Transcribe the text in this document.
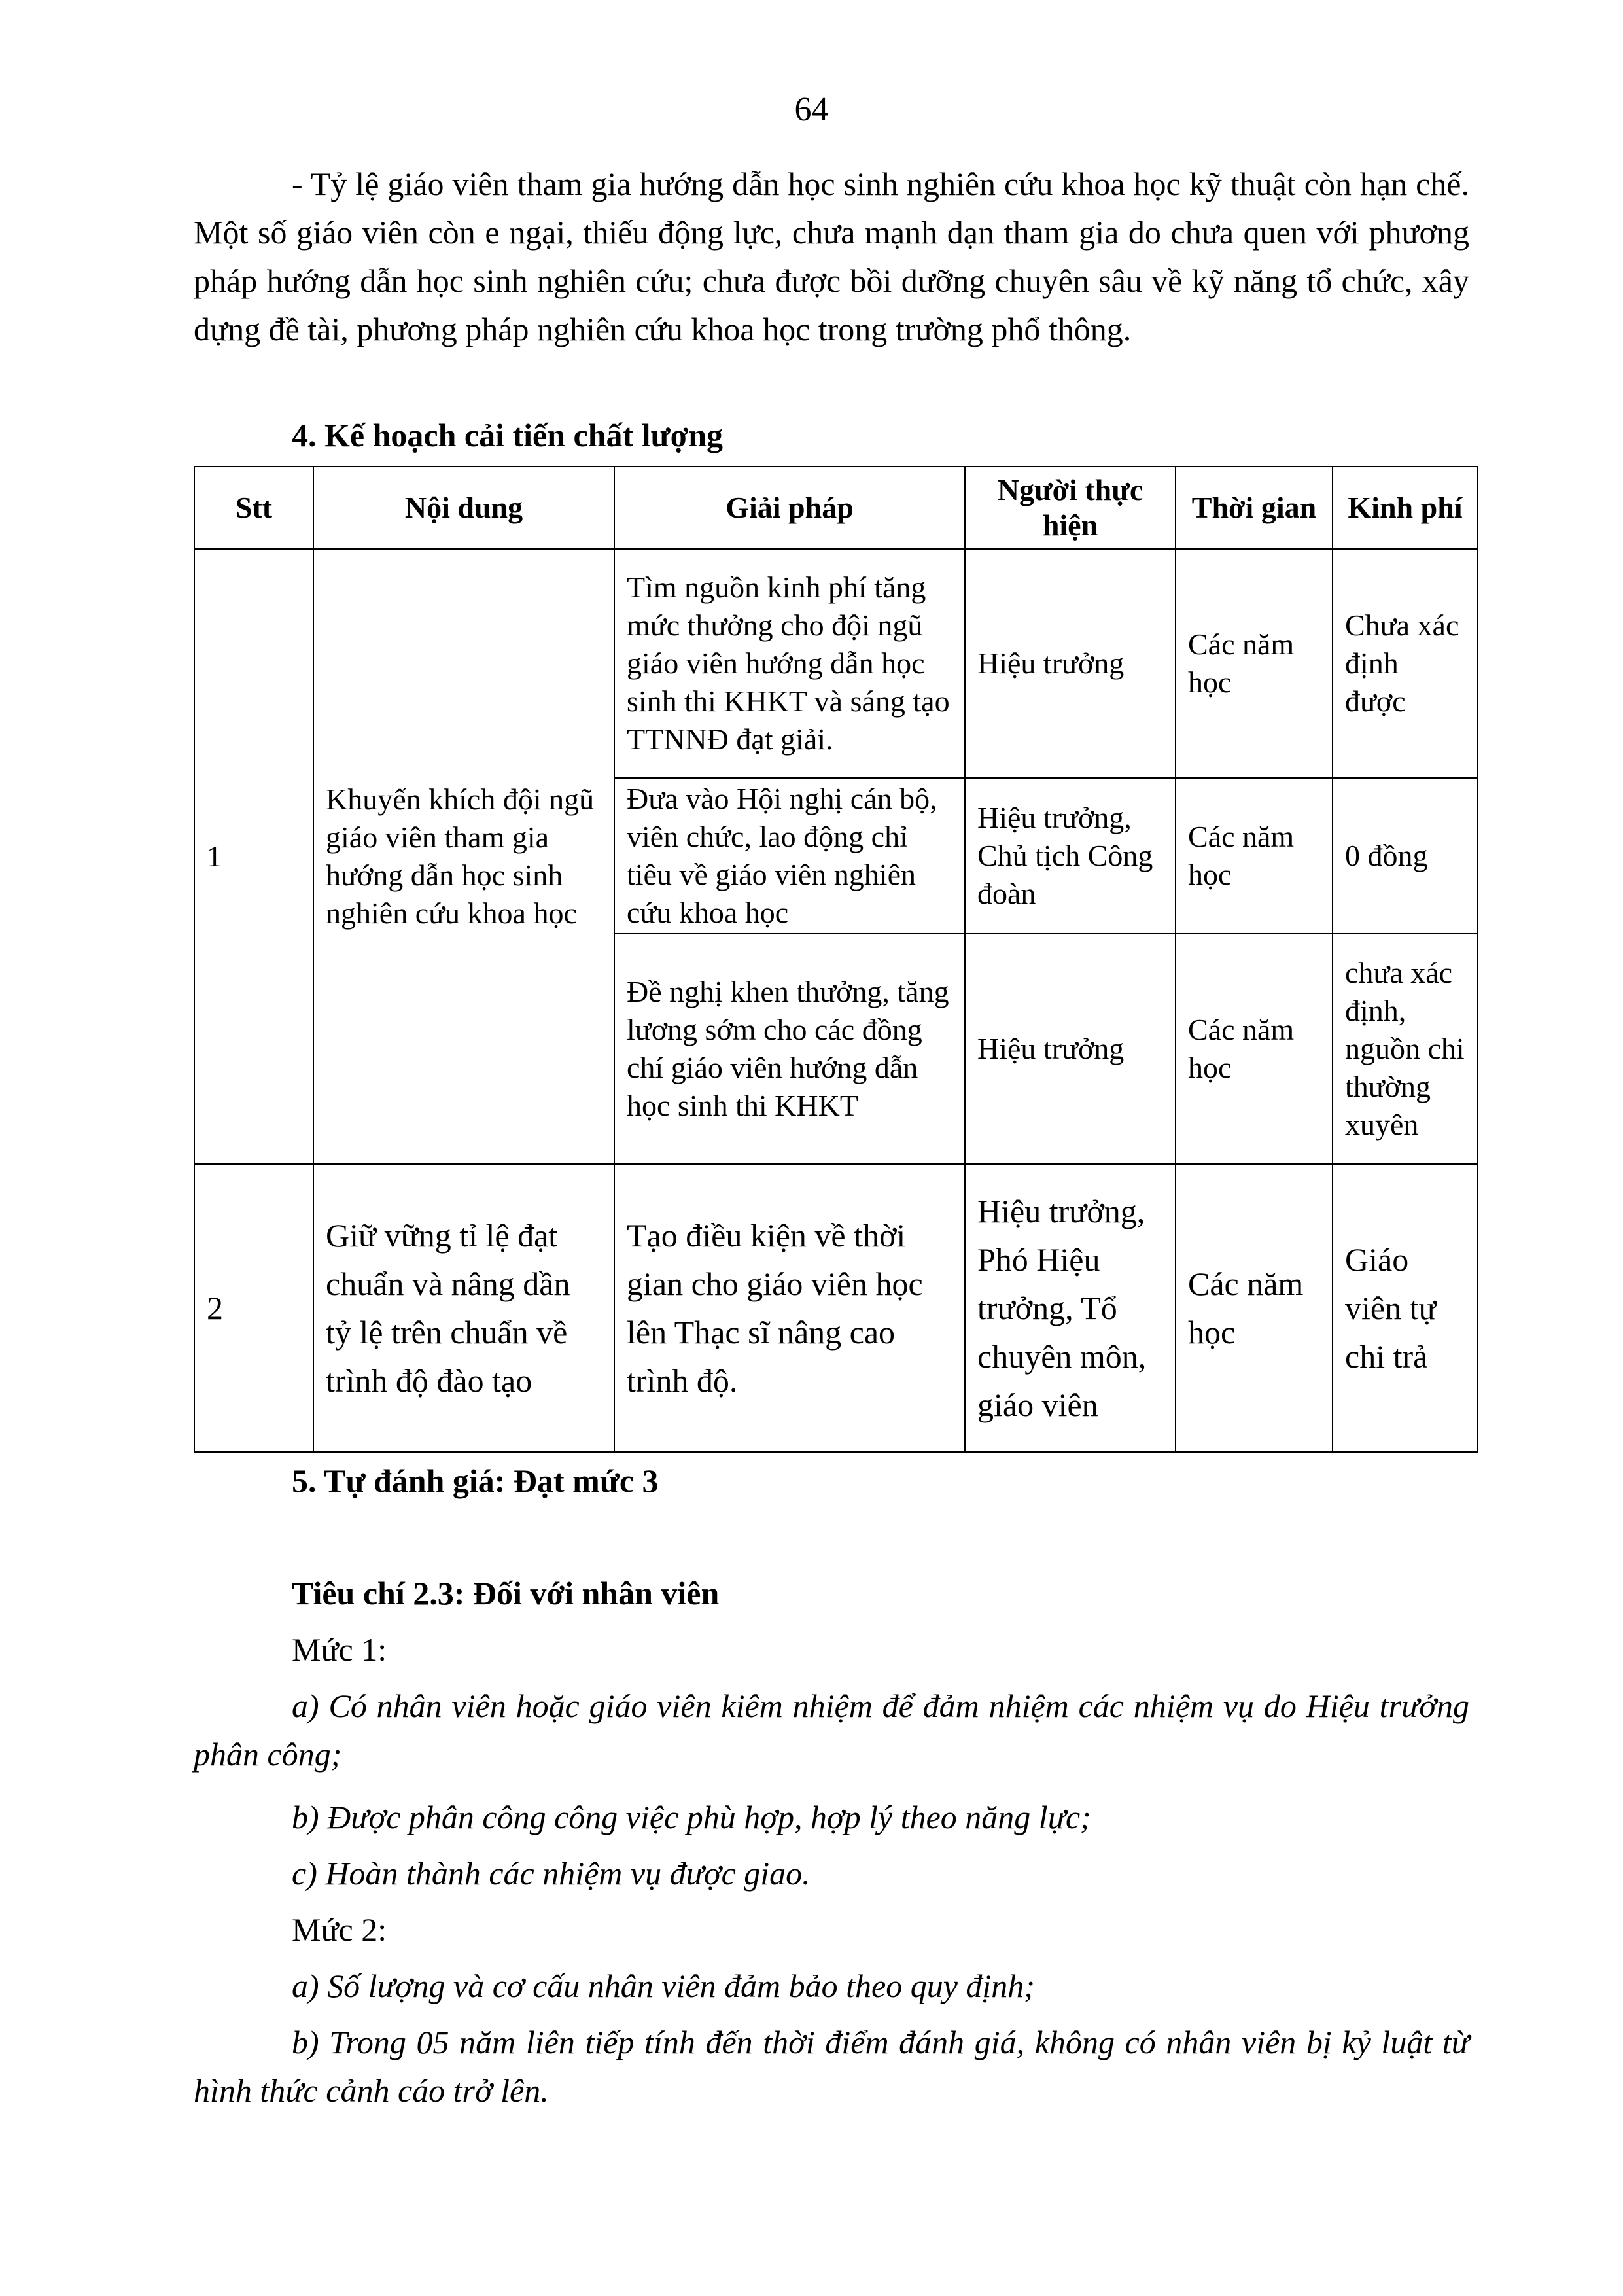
64
- Tỷ lệ giáo viên tham gia hướng dẫn học sinh nghiên cứu khoa học kỹ thuật còn hạn chế. Một số giáo viên còn e ngại, thiếu động lực, chưa mạnh dạn tham gia do chưa quen với phương pháp hướng dẫn học sinh nghiên cứu; chưa được bồi dưỡng chuyên sâu về kỹ năng tổ chức, xây dựng đề tài, phương pháp nghiên cứu khoa học trong trường phổ thông.
4. Kế hoạch cải tiến chất lượng
Stt	Nội dung	Giải pháp	Người thực hiện	Thời gian	Kinh phí
1	Khuyến khích đội ngũ giáo viên tham gia hướng dẫn học sinh nghiên cứu khoa học	Tìm nguồn kinh phí tăng mức thưởng cho đội ngũ giáo viên hướng dẫn học sinh thi KHKT và sáng tạo TTNNĐ đạt giải.	Hiệu trưởng	Các năm học	Chưa xác định được
		Đưa vào Hội nghị cán bộ, viên chức, lao động chỉ tiêu về giáo viên nghiên cứu khoa học	Hiệu trưởng, Chủ tịch Công đoàn	Các năm học	0 đồng
		Đề nghị khen thưởng, tăng lương sớm cho các đồng chí giáo viên hướng dẫn học sinh thi KHKT	Hiệu trưởng	Các năm học	chưa xác định, nguồn chi thường xuyên
2	Giữ vững tỉ lệ đạt chuẩn và nâng dần tỷ lệ trên chuẩn về trình độ đào tạo	Tạo điều kiện về thời gian cho giáo viên học lên Thạc sĩ nâng cao trình độ.	Hiệu trưởng, Phó Hiệu trưởng, Tổ chuyên môn, giáo viên	Các năm học	Giáo viên tự chi trả
5. Tự đánh giá: Đạt mức 3
Tiêu chí 2.3: Đối với nhân viên
Mức 1:
a) Có nhân viên hoặc giáo viên kiêm nhiệm để đảm nhiệm các nhiệm vụ do Hiệu trưởng phân công;
b) Được phân công công việc phù hợp, hợp lý theo năng lực;
c) Hoàn thành các nhiệm vụ được giao.
Mức 2:
a) Số lượng và cơ cấu nhân viên đảm bảo theo quy định;
b) Trong 05 năm liên tiếp tính đến thời điểm đánh giá, không có nhân viên bị kỷ luật từ hình thức cảnh cáo trở lên.
